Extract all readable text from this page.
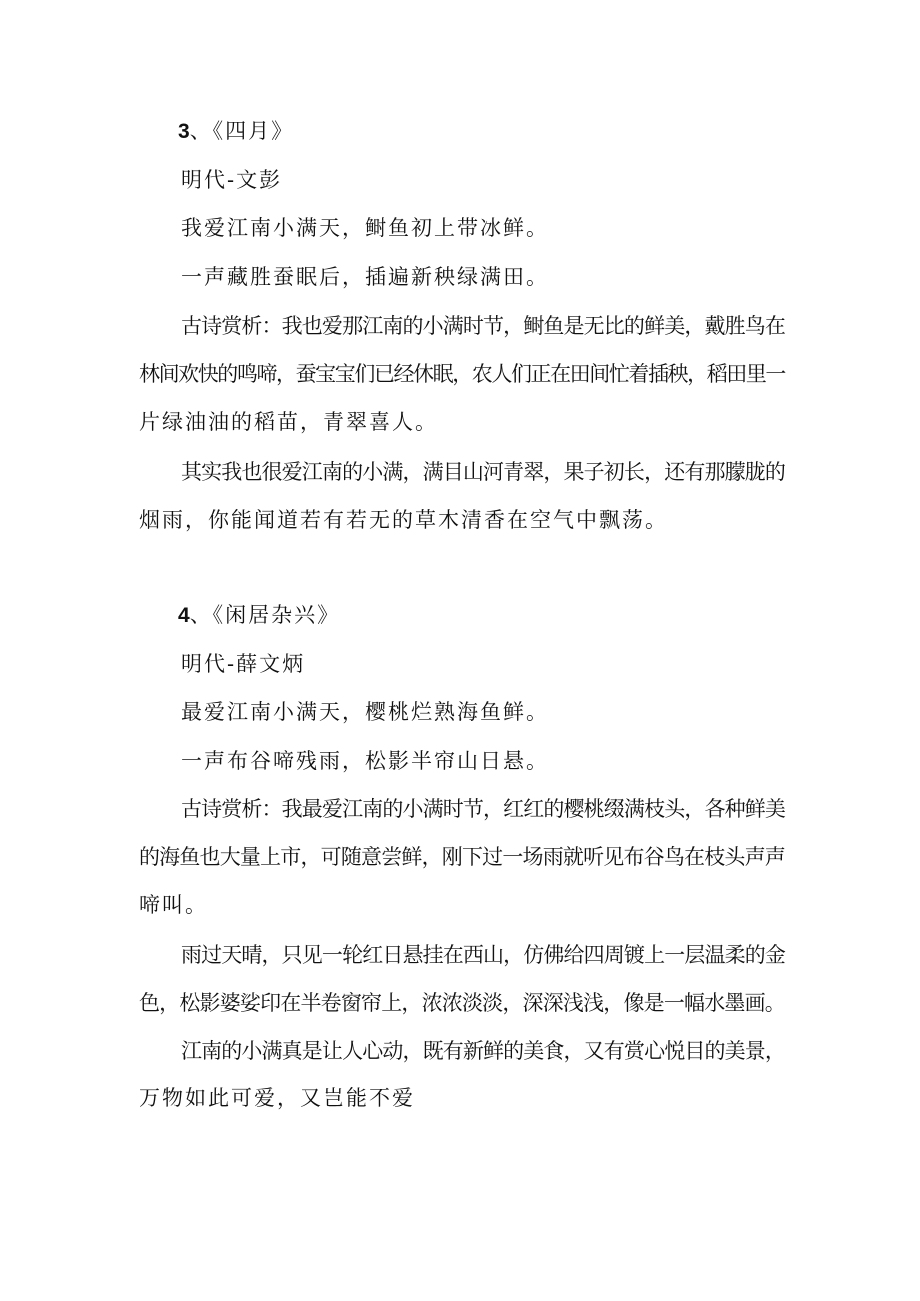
3、《四月》
明代-文彭
我爱江南小满天，鲥鱼初上带冰鲜。
一声藏胜蚕眠后，插遍新秧绿满田。
古诗赏析：我也爱那江南的小满时节，鲥鱼是无比的鲜美，戴胜鸟在
林间欢快的鸣啼，蚕宝宝们已经休眠，农人们正在田间忙着插秧，稻田里一
片绿油油的稻苗，青翠喜人。
其实我也很爱江南的小满，满目山河青翠，果子初长，还有那朦胧的
烟雨，你能闻道若有若无的草木清香在空气中飘荡。
4、《闲居杂兴》
明代-薛文炳
最爱江南小满天，樱桃烂熟海鱼鲜。
一声布谷啼残雨，松影半帘山日悬。
古诗赏析：我最爱江南的小满时节，红红的樱桃缀满枝头，各种鲜美
的海鱼也大量上市，可随意尝鲜，刚下过一场雨就听见布谷鸟在枝头声声
啼叫。
雨过天晴，只见一轮红日悬挂在西山，仿佛给四周镀上一层温柔的金
色，松影婆娑印在半卷窗帘上，浓浓淡淡，深深浅浅，像是一幅水墨画。
江南的小满真是让人心动，既有新鲜的美食，又有赏心悦目的美景，
万物如此可爱，又岂能不爱
